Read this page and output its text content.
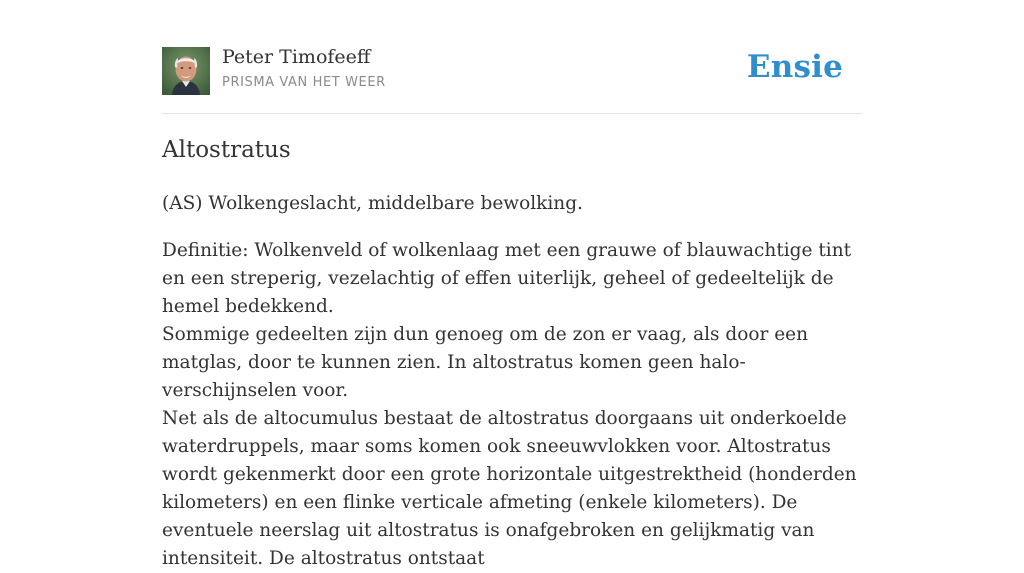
Peter Timofeeff
PRISMA VAN HET WEER	Ensie
Altostratus

(AS) Wolkengeslacht, middelbare bewolking.

Definitie: Wolkenveld of wolkenlaag met een grauwe of blauwachtige tint en een streperig, vezelachtig of effen uiterlijk, geheel of gedeeltelijk de hemel bedekkend.

Sommige gedeelten zijn dun genoeg om de zon er vaag, als door een matglas, door te kunnen zien. In altostratus komen geen halo-verschijnselen voor.

Net als de altocumulus bestaat de altostratus doorgaans uit onderkoelde waterdruppels, maar soms komen ook sneeuwvlokken voor. Altostratus wordt gekenmerkt door een grote horizontale uitgestrektheid (honderden kilometers) en een flinke verticale afmeting (enkele kilometers). De eventuele neerslag uit altostratus is onafgebroken en gelijkmatig van intensiteit. De altostratus ontstaat
